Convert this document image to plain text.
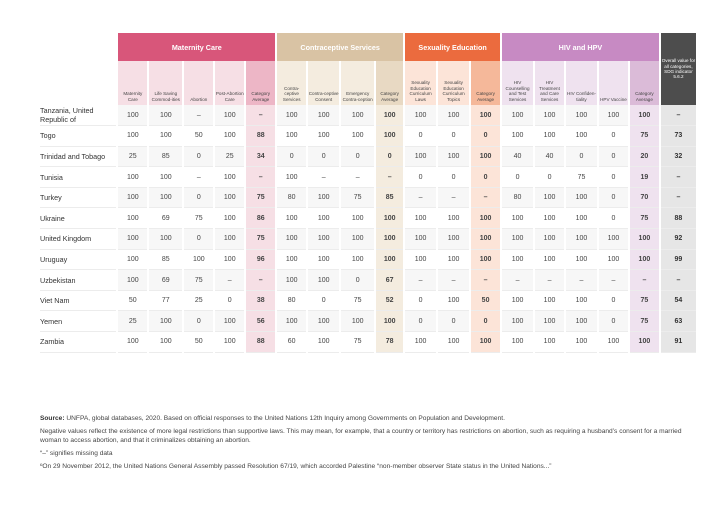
	Maternity Care					Contraceptive Services				Sexuality Education			HIV and HPV					Overall value for all categories, SDG indicator 5.6.2
	Maternity Care	Life Saving Commod-ities	Abortion	Post-Abortion Care	Category Average	Contra-ceptive Services	Contra-ceptive Consent	Emergency Contra-ception	Category Average	Sexuality Education Curriculum Laws	Sexuality Education Curriculum Topics	Category Average	HIV Counselling and Test Services	HIV Treatment and Care Services	HIV Confiden-tiality	HPV Vaccine	Category Average	
Tanzania, United Republic of	100	100	–	100	–	100	100	100	100	100	100	100	100	100	100	100	100	–
Togo	100	100	50	100	88	100	100	100	100	0	0	0	100	100	100	0	75	73
Trinidad and Tobago	25	85	0	25	34	0	0	0	0	100	100	100	40	40	0	0	20	32
Tunisia	100	100	–	100	–	100	–	–	–	0	0	0	0	0	75	0	19	–
Turkey	100	100	0	100	75	80	100	75	85	–	–	–	80	100	100	0	70	–
Ukraine	100	69	75	100	86	100	100	100	100	100	100	100	100	100	100	0	75	88
United Kingdom	100	100	0	100	75	100	100	100	100	100	100	100	100	100	100	100	100	92
Uruguay	100	85	100	100	96	100	100	100	100	100	100	100	100	100	100	100	100	99
Uzbekistan	100	69	75	–	–	100	100	0	67	–	–	–	–	–	–	–	–	–
Viet Nam	50	77	25	0	38	80	0	75	52	0	100	50	100	100	100	0	75	54
Yemen	25	100	0	100	56	100	100	100	100	0	0	0	100	100	100	0	75	63
Zambia	100	100	50	100	88	60	100	75	78	100	100	100	100	100	100	100	100	91

Source: UNFPA, global databases, 2020. Based on official responses to the United Nations 12th Inquiry among Governments on Population and Development.

Negative values reflect the existence of more legal restrictions than supportive laws. This may mean, for example, that a country or territory has restrictions on abortion, such as requiring a husband’s consent for a married woman to access abortion, and that it criminalizes obtaining an abortion.

“–” signifies missing data

ºOn 29 November 2012, the United Nations General Assembly passed Resolution 67/19, which accorded Palestine “non-member observer State status in the United Nations...”
